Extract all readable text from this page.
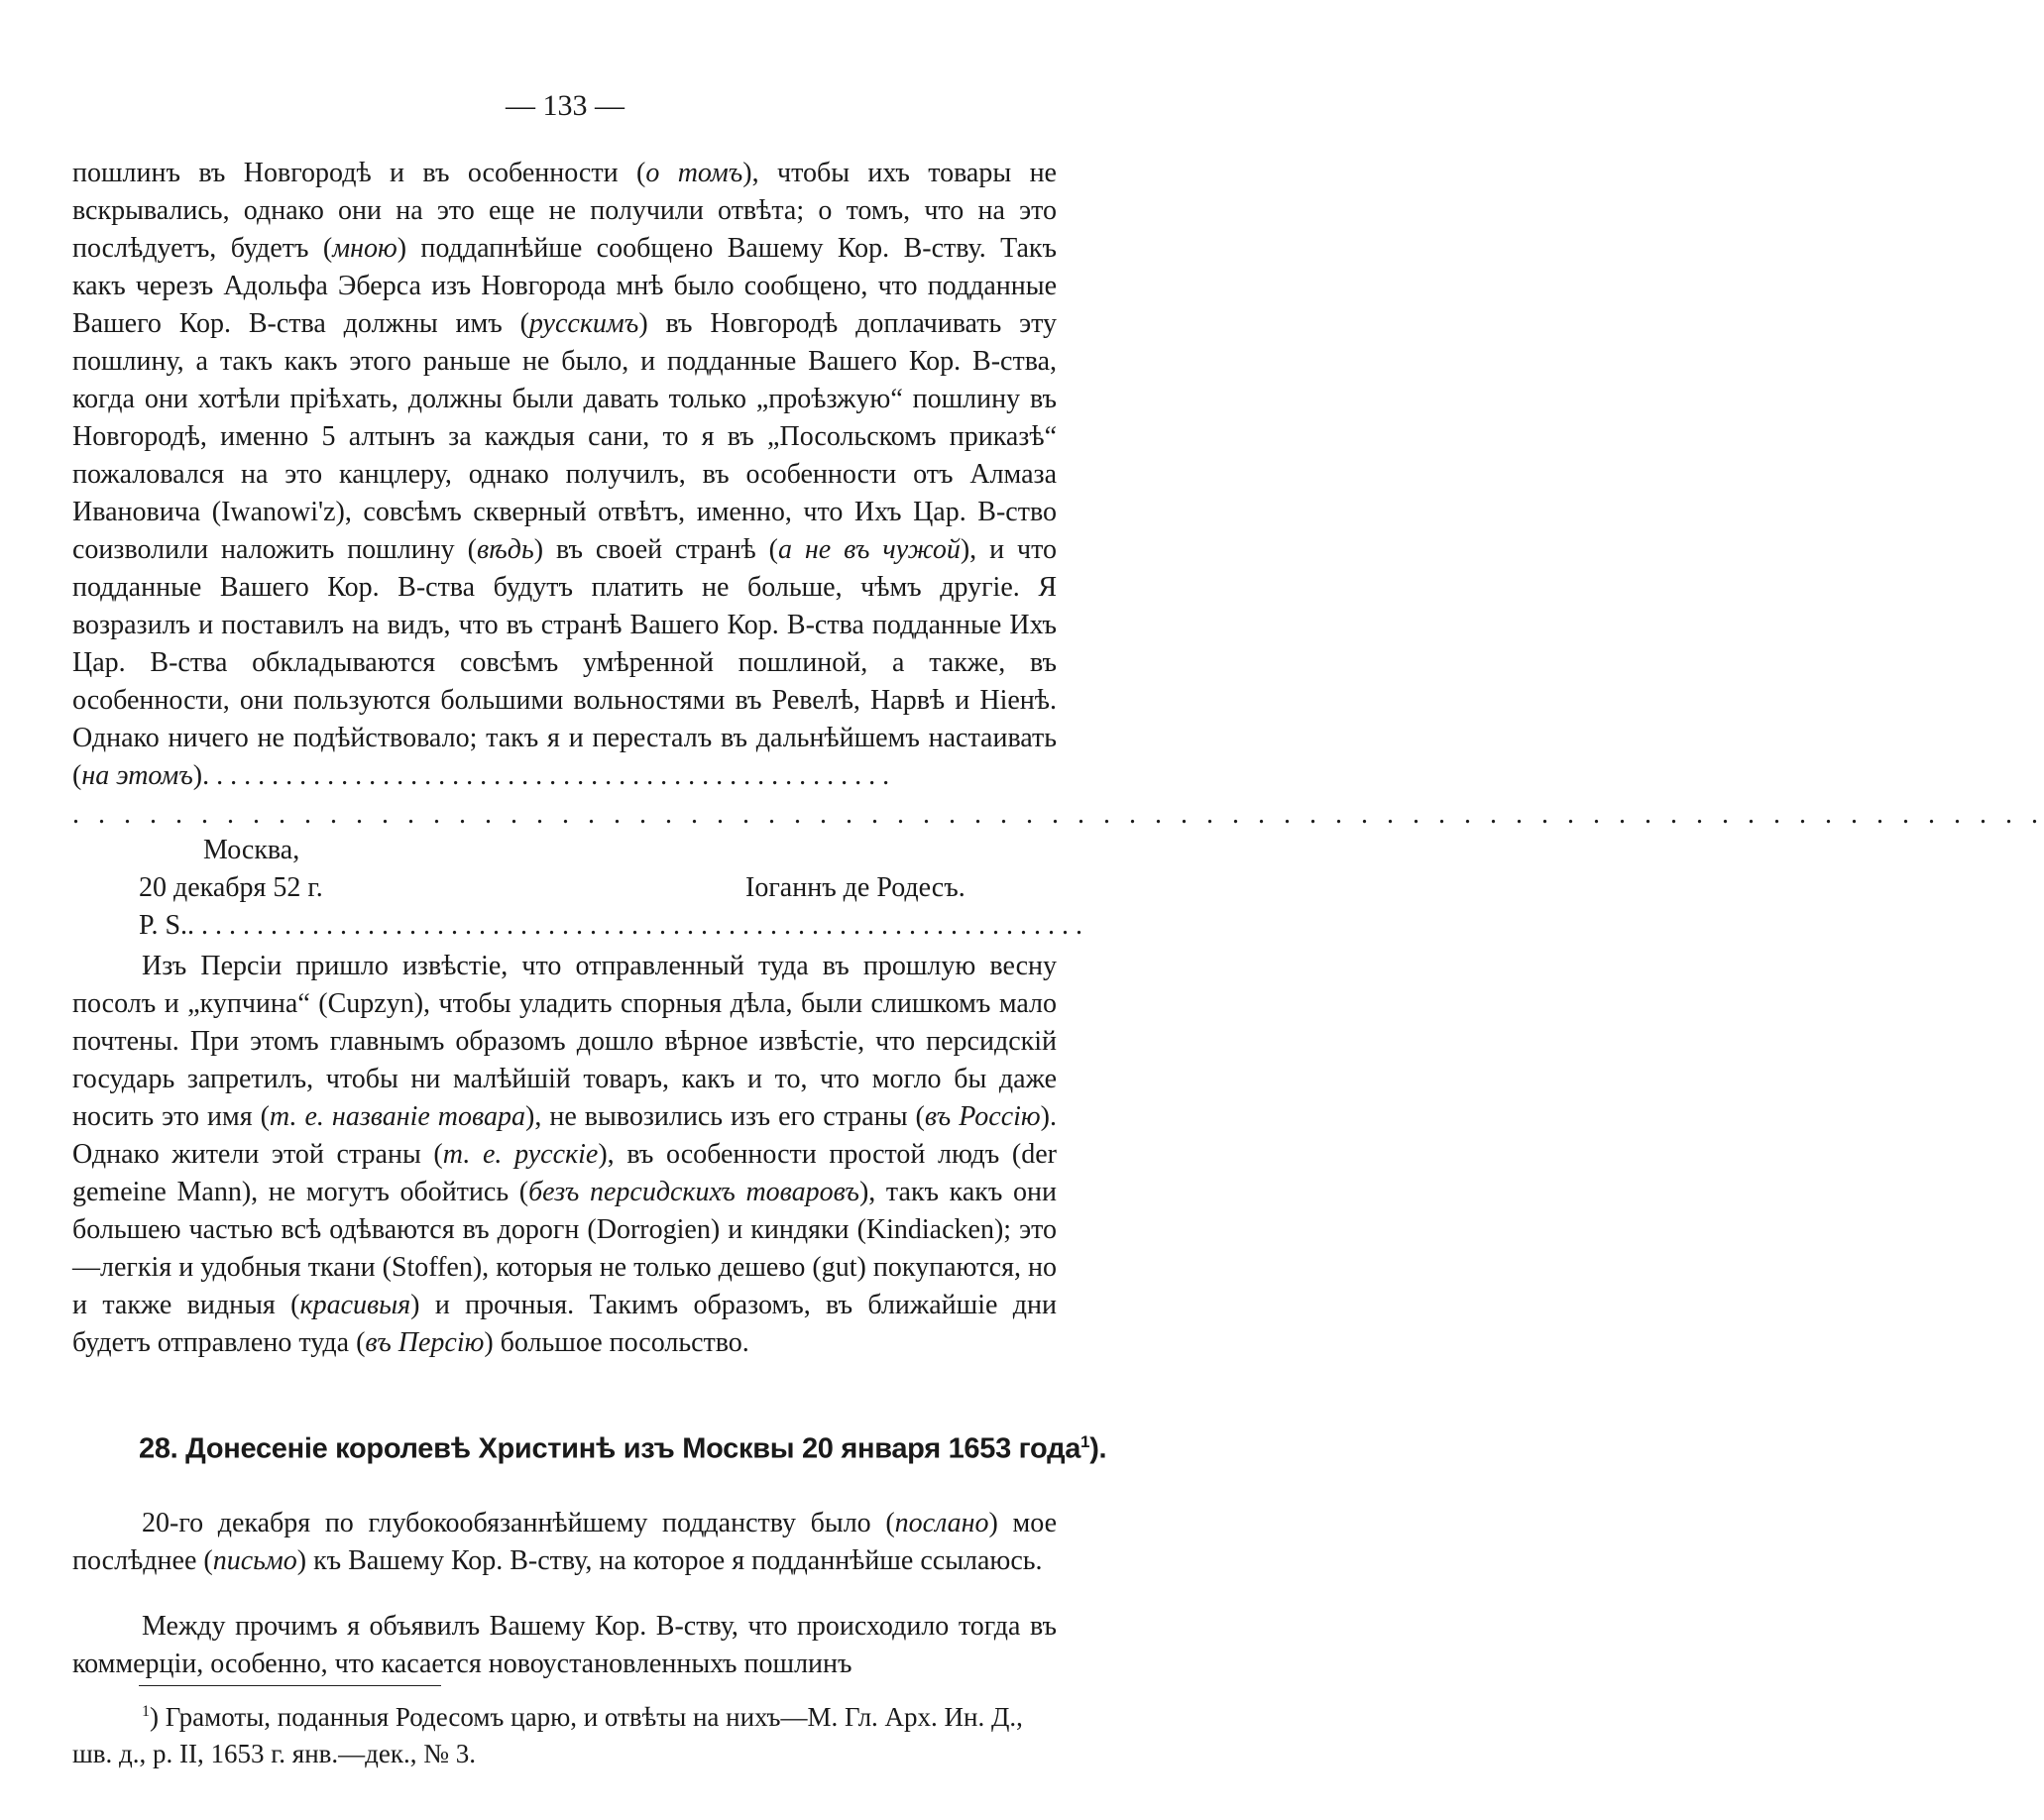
— 133 —

пошлинъ въ Новгородѣ и въ особенности (о томъ), чтобы ихъ товары не вскрывались, однако они на это еще не получили отвѣта; о томъ, что на это послѣдуетъ, будетъ (мною) поддапнѣйше сообщено Вашему Кор. В-ству. Такъ какъ черезъ Адольфа Эберса изъ Новгорода мнѣ было сообщено, что подданные Вашего Кор. В-ства должны имъ (русскимъ) въ Новгородѣ доплачивать эту пошлину, а такъ какъ этого раньше не было, и подданные Вашего Кор. В-ства, когда они хотѣли пріѣхать, должны были давать только „проѣзжую“ пошлину въ Новгородѣ, именно 5 алтынъ за каждыя сани, то я въ „Посольскомъ приказѣ“ пожаловался на это канцлеру, однако получилъ, въ особенности отъ Алмаза Ивановича (Iwanowi'z), совсѣмъ скверный отвѣтъ, именно, что Ихъ Цар. В-ство соизволили наложить пошлину (вѣдь) въ своей странѣ (а не въ чужой), и что подданные Вашего Кор. В-ства будутъ платить не больше, чѣмъ другіе. Я возразилъ и поставилъ на видъ, что въ странѣ Вашего Кор. В-ства подданные Ихъ Цар. В-ства обкладываются совсѣмъ умѣренной пошлиной, а также, въ особенности, они пользуются большими вольностями въ Ревелѣ, Нарвѣ и Ніенѣ. Однако ничего не подѣйствовало; такъ я и пересталъ въ дальнѣйшемъ настаивать (на этомъ). . . . . . . . . . . . . . . . . . . . . . . . . . . . . . . . . . . . . . . . . . . . . . . . . .

. . . . . . . . . . . . . . . . . . . . . . . . . . . . . . . . . . . . . . . . . . . . . . . . . . . . . . . . . . . . . . . . . . . . . . . . . . . . .
Москва,
20 декабря 52 г.	Іоганнъ де Родесъ.
P. S.. . . . . . . . . . . . . . . . . . . . . . . . . . . . . . . . . . . . . . . . . . . . . . . . . . . . . . . . . . . . . . . . .

Изъ Персіи пришло извѣстіе, что отправленный туда въ прошлую весну посолъ и „купчина“ (Cupzyn), чтобы уладить спорныя дѣла, были слишкомъ мало почтены. При этомъ главнымъ образомъ дошло вѣрное извѣстіе, что персидскій государь запретилъ, чтобы ни малѣйшій товаръ, какъ и то, что могло бы даже носить это имя (т. е. названіе товара), не вывозились изъ его страны (въ Россію). Однако жители этой страны (т. е. русскіе), въ особенности простой людъ (der gemeine Mann), не могутъ обойтись (безъ персидскихъ товаровъ), такъ какъ они большею частью всѣ одѣваются въ дорогн (Dorrogien) и киндяки (Kindiacken); это—легкія и удобныя ткани (Stoffen), которыя не только дешево (gut) покупаются, но и также видныя (красивыя) и прочныя. Такимъ образомъ, въ ближайшіе дни будетъ отправлено туда (въ Персію) большое посольство.

28. Донесеніе королевѣ Христинѣ изъ Москвы 20 января 1653 года$^1$).

20-го декабря по глубокообязаннѣйшему подданству было (послано) мое послѣднее (письмо) къ Вашему Кор. В-ству, на которое я подданнѣйше ссылаюсь.

Между прочимъ я объявилъ Вашему Кор. В-ству, что происходило тогда въ коммерціи, особенно, что касается новоустановленныхъ пошлинъ

$^1$) Грамоты, поданныя Родесомъ царю, и отвѣты на нихъ—М. Гл. Арх. Ин. Д., шв. д., р. II, 1653 г. янв.—дек., № 3.
